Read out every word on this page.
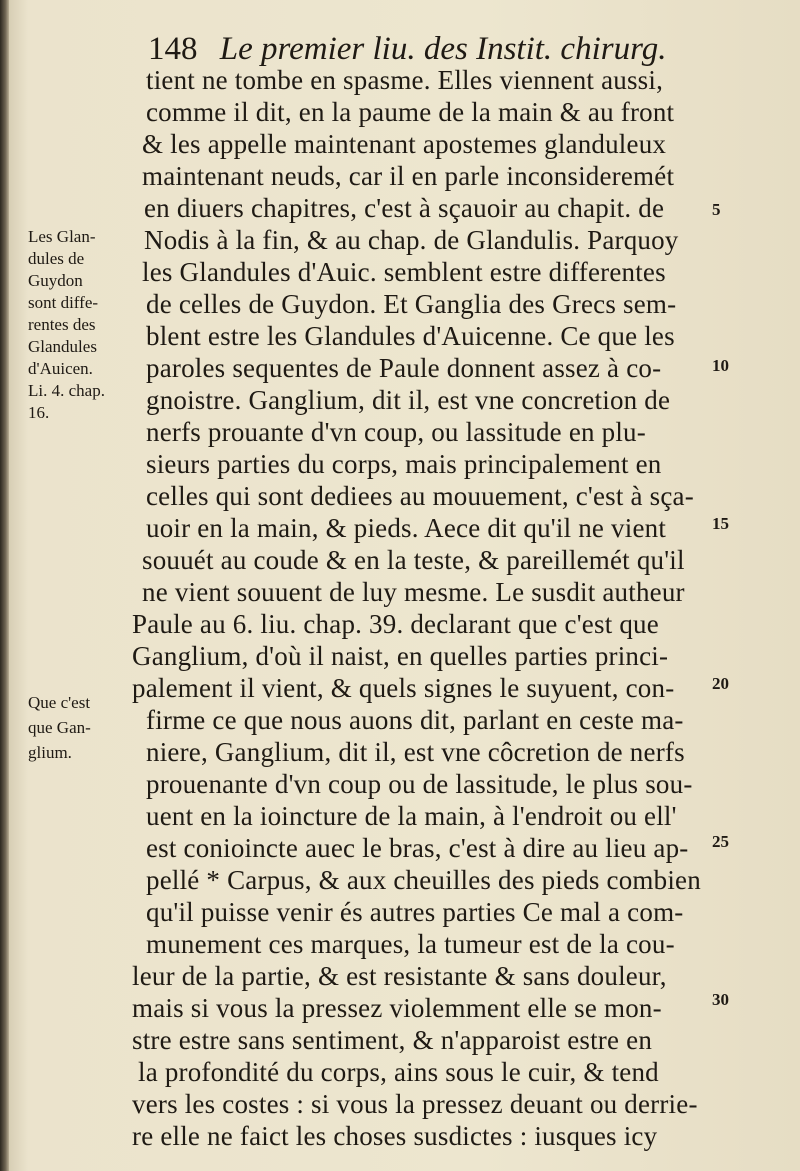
148 Le premier liu. des Instit. chirurg.
tient ne tombe en spasme. Elles viennent aussi,
comme il dit, en la paume de la main & au front
& les appelle maintenant apostemes glanduleux
maintenant neuds, car il en parle inconsideremét
en diuers chapitres, c'est à sçauoir au chapit. de
Nodis à la fin, & au chap. de Glandulis. Parquoy
les Glandules d'Auic. semblent estre differentes
de celles de Guydon. Et Ganglia des Grecs sem-
blent estre les Glandules d'Auicenne. Ce que les
paroles sequentes de Paule donnent assez à co-
gnoistre. Ganglium, dit il, est vne concretion de
nerfs prouante d'vn coup, ou lassitude en plu-
sieurs parties du corps, mais principalement en
celles qui sont dediees au mouuement, c'est à sça-
uoir en la main, & pieds. Aece dit qu'il ne vient
souuét au coude & en la teste, & pareillemét qu'il
ne vient souuent de luy mesme. Le susdit autheur
Paule au 6. liu. chap. 39. declarant que c'est que
Ganglium, d'où il naist, en quelles parties princi-
palement il vient, & quels signes le suyuent, con-
firme ce que nous auons dit, parlant en ceste ma-
niere, Ganglium, dit il, est vne côcretion de nerfs
prouenante d'vn coup ou de lassitude, le plus sou-
uent en la ioincture de la main, à l'endroit ou ell'
est conioincte auec le bras, c'est à dire au lieu ap-
pellé * Carpus, & aux cheuilles des pieds combien
qu'il puisse venir és autres parties Ce mal a com-
munement ces marques, la tumeur est de la cou-
leur de la partie, & est resistante & sans douleur,
mais si vous la pressez violemment elle se mon-
stre estre sans sentiment, & n'apparoist estre en
la profondité du corps, ains sous le cuir, & tend
vers les costes : si vous la pressez deuant ou derrie-
re elle ne faict les choses susdictes : iusques icy
Les Glan-
dules de
Guydon
sont diffe-
rentes des
Glandules
d'Auicen.
Li. 4. chap.
16.
Que c'est
que Gan-
glium.
5
10
15
20
25
30
